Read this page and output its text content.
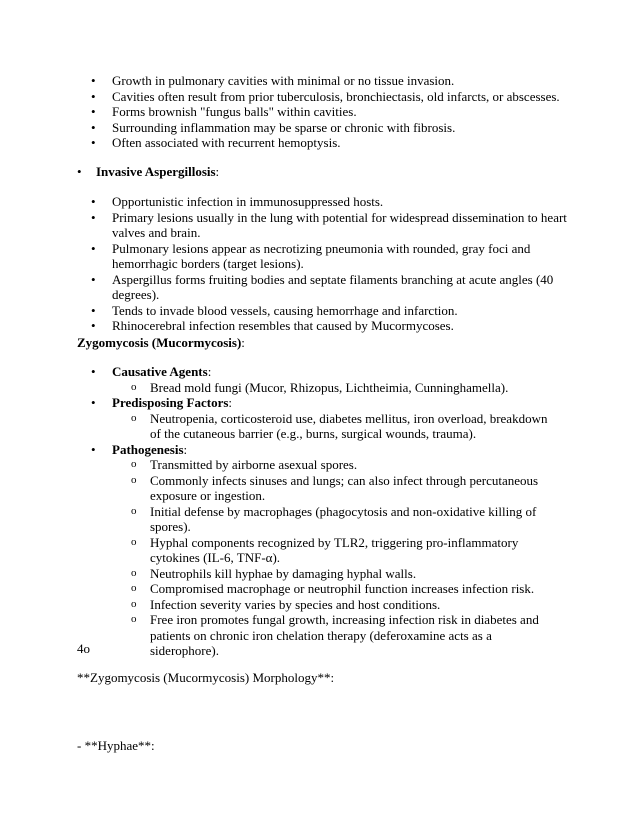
• Growth in pulmonary cavities with minimal or no tissue invasion.
• Cavities often result from prior tuberculosis, bronchiectasis, old infarcts, or abscesses.
• Forms brownish "fungus balls" within cavities.
• Surrounding inflammation may be sparse or chronic with fibrosis.
• Often associated with recurrent hemoptysis.
• Invasive Aspergillosis:
• Opportunistic infection in immunosuppressed hosts.
• Primary lesions usually in the lung with potential for widespread dissemination to heart valves and brain.
• Pulmonary lesions appear as necrotizing pneumonia with rounded, gray foci and hemorrhagic borders (target lesions).
• Aspergillus forms fruiting bodies and septate filaments branching at acute angles (40 degrees).
• Tends to invade blood vessels, causing hemorrhage and infarction.
• Rhinocerebral infection resembles that caused by Mucormycoses.
Zygomycosis (Mucormycosis):
• Causative Agents:
o Bread mold fungi (Mucor, Rhizopus, Lichtheimia, Cunninghamella).
• Predisposing Factors:
o Neutropenia, corticosteroid use, diabetes mellitus, iron overload, breakdown of the cutaneous barrier (e.g., burns, surgical wounds, trauma).
• Pathogenesis:
o Transmitted by airborne asexual spores.
o Commonly infects sinuses and lungs; can also infect through percutaneous exposure or ingestion.
o Initial defense by macrophages (phagocytosis and non-oxidative killing of spores).
o Hyphal components recognized by TLR2, triggering pro-inflammatory cytokines (IL-6, TNF-α).
o Neutrophils kill hyphae by damaging hyphal walls.
o Compromised macrophage or neutrophil function increases infection risk.
o Infection severity varies by species and host conditions.
o Free iron promotes fungal growth, increasing infection risk in diabetes and patients on chronic iron chelation therapy (deferoxamine acts as a siderophore).
4o
**Zygomycosis (Mucormycosis) Morphology**:
- **Hyphae**:
